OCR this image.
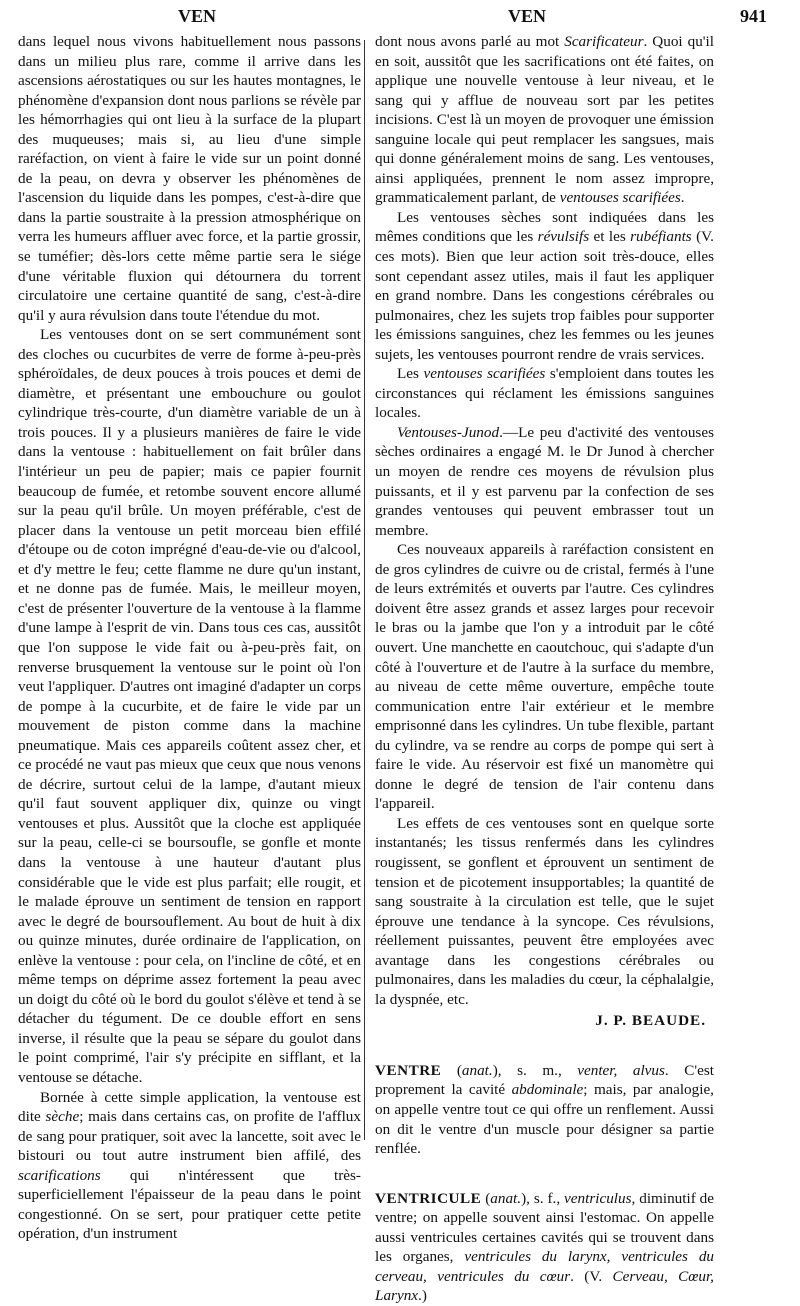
VEN	VEN	941

dans lequel nous vivons habituellement nous passons dans un milieu plus rare, comme il arrive dans les ascensions aérostatiques ou sur les hautes montagnes, le phénomène d'expansion dont nous parlions se révèle par les hémorrhagies qui ont lieu à la surface de la plupart des muqueuses; mais si, au lieu d'une simple raréfaction, on vient à faire le vide sur un point donné de la peau, on devra y observer les phénomènes de l'ascension du liquide dans les pompes, c'est-à-dire que dans la partie soustraite à la pression atmosphérique on verra les humeurs affluer avec force, et la partie grossir, se tuméfier; dès-lors cette même partie sera le siége d'une véritable fluxion qui détournera du torrent circulatoire une certaine quantité de sang, c'est-à-dire qu'il y aura révulsion dans toute l'étendue du mot.

Les ventouses dont on se sert communément sont des cloches ou cucurbites de verre de forme à-peu-près sphéroïdales, de deux pouces à trois pouces et demi de diamètre, et présentant une embouchure ou goulot cylindrique très-courte, d'un diamètre variable de un à trois pouces. Il y a plusieurs manières de faire le vide dans la ventouse : habituellement on fait brûler dans l'intérieur un peu de papier; mais ce papier fournit beaucoup de fumée, et retombe souvent encore allumé sur la peau qu'il brûle. Un moyen préférable, c'est de placer dans la ventouse un petit morceau bien effilé d'étoupe ou de coton imprégné d'eau-de-vie ou d'alcool, et d'y mettre le feu; cette flamme ne dure qu'un instant, et ne donne pas de fumée. Mais, le meilleur moyen, c'est de présenter l'ouverture de la ventouse à la flamme d'une lampe à l'esprit de vin. Dans tous ces cas, aussitôt que l'on suppose le vide fait ou à-peu-près fait, on renverse brusquement la ventouse sur le point où l'on veut l'appliquer. D'autres ont imaginé d'adapter un corps de pompe à la cucurbite, et de faire le vide par un mouvement de piston comme dans la machine pneumatique. Mais ces appareils coûtent assez cher, et ce procédé ne vaut pas mieux que ceux que nous venons de décrire, surtout celui de la lampe, d'autant mieux qu'il faut souvent appliquer dix, quinze ou vingt ventouses et plus. Aussitôt que la cloche est appliquée sur la peau, celle-ci se boursoufle, se gonfle et monte dans la ventouse à une hauteur d'autant plus considérable que le vide est plus parfait; elle rougit, et le malade éprouve un sentiment de tension en rapport avec le degré de boursouflement. Au bout de huit à dix ou quinze minutes, durée ordinaire de l'application, on enlève la ventouse : pour cela, on l'incline de côté, et en même temps on déprime assez fortement la peau avec un doigt du côté où le bord du goulot s'élève et tend à se détacher du tégument. De ce double effort en sens inverse, il résulte que la peau se sépare du goulot dans le point comprimé, l'air s'y précipite en sifflant, et la ventouse se détache.

Bornée à cette simple application, la ventouse est dite sèche; mais dans certains cas, on profite de l'afflux de sang pour pratiquer, soit avec la lancette, soit avec le bistouri ou tout autre instrument bien affilé, des scarifications qui n'intéressent que très-superficiellement l'épaisseur de la peau dans le point congestionné. On se sert, pour pratiquer cette petite opération, d'un instrument

dont nous avons parlé au mot Scarificateur. Quoi qu'il en soit, aussitôt que les sacrifications ont été faites, on applique une nouvelle ventouse à leur niveau, et le sang qui y afflue de nouveau sort par les petites incisions. C'est là un moyen de provoquer une émission sanguine locale qui peut remplacer les sangsues, mais qui donne généralement moins de sang. Les ventouses, ainsi appliquées, prennent le nom assez impropre, grammaticalement parlant, de ventouses scarifiées.

Les ventouses sèches sont indiquées dans les mêmes conditions que les révulsifs et les rubéfiants (V. ces mots). Bien que leur action soit très-douce, elles sont cependant assez utiles, mais il faut les appliquer en grand nombre. Dans les congestions cérébrales ou pulmonaires, chez les sujets trop faibles pour supporter les émissions sanguines, chez les femmes ou les jeunes sujets, les ventouses pourront rendre de vrais services.

Les ventouses scarifiées s'emploient dans toutes les circonstances qui réclament les émissions sanguines locales.

Ventouses-Junod.—Le peu d'activité des ventouses sèches ordinaires a engagé M. le Dr Junod à chercher un moyen de rendre ces moyens de révulsion plus puissants, et il y est parvenu par la confection de ses grandes ventouses qui peuvent embrasser tout un membre.

Ces nouveaux appareils à raréfaction consistent en de gros cylindres de cuivre ou de cristal, fermés à l'une de leurs extrémités et ouverts par l'autre. Ces cylindres doivent être assez grands et assez larges pour recevoir le bras ou la jambe que l'on y a introduit par le côté ouvert. Une manchette en caoutchouc, qui s'adapte d'un côté à l'ouverture et de l'autre à la surface du membre, au niveau de cette même ouverture, empêche toute communication entre l'air extérieur et le membre emprisonné dans les cylindres. Un tube flexible, partant du cylindre, va se rendre au corps de pompe qui sert à faire le vide. Au réservoir est fixé un manomètre qui donne le degré de tension de l'air contenu dans l'appareil.

Les effets de ces ventouses sont en quelque sorte instantanés; les tissus renfermés dans les cylindres rougissent, se gonflent et éprouvent un sentiment de tension et de picotement insupportables; la quantité de sang soustraite à la circulation est telle, que le sujet éprouve une tendance à la syncope. Ces révulsions, réellement puissantes, peuvent être employées avec avantage dans les congestions cérébrales ou pulmonaires, dans les maladies du cœur, la céphalalgie, la dyspnée, etc.

J. P. BEAUDE.

VENTRE (anat.), s. m., venter, alvus. C'est proprement la cavité abdominale; mais, par analogie, on appelle ventre tout ce qui offre un renflement. Aussi on dit le ventre d'un muscle pour désigner sa partie renflée.

VENTRICULE (anat.), s. f., ventriculus, diminutif de ventre; on appelle souvent ainsi l'estomac. On appelle aussi ventricules certaines cavités qui se trouvent dans les organes, ventricules du larynx, ventricules du cerveau, ventricules du cœur. (V. Cerveau, Cœur, Larynx.)
